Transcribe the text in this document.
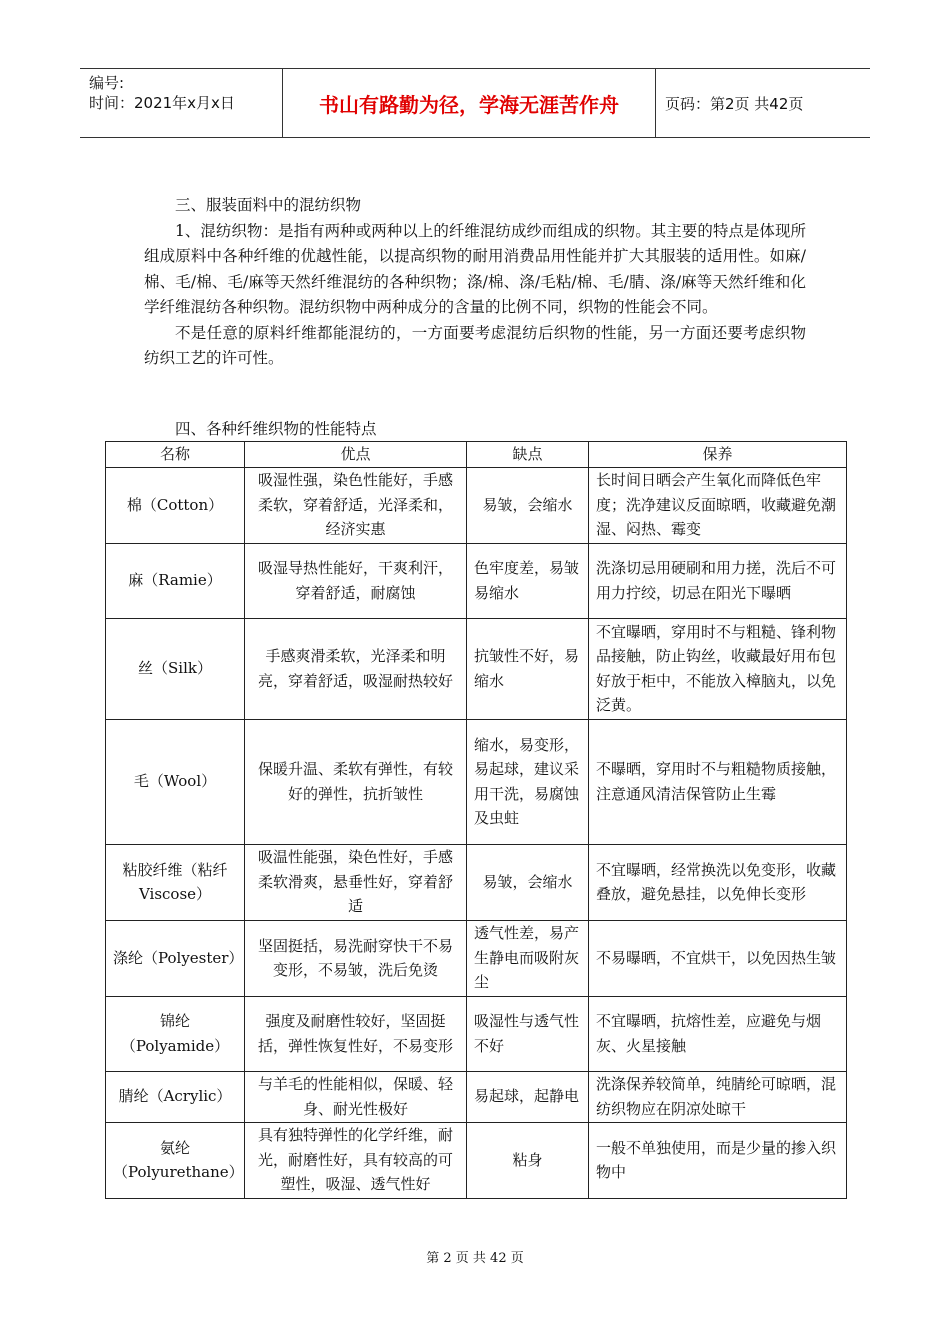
编号:
时间：2021年x月x日	书山有路勤为径，学海无涯苦作舟	页码：第2页 共42页

三、服装面料中的混纺织物

1、混纺织物：是指有两种或两种以上的纤维混纺成纱而组成的织物。其主要的特点是体现所组成原料中各种纤维的优越性能，以提高织物的耐用消费品用性能并扩大其服装的适用性。如麻/棉、毛/棉、毛/麻等天然纤维混纺的各种织物；涤/棉、涤/毛粘/棉、毛/腈、涤/麻等天然纤维和化学纤维混纺各种织物。混纺织物中两种成分的含量的比例不同，织物的性能会不同。

不是任意的原料纤维都能混纺的，一方面要考虑混纺后织物的性能，另一方面还要考虑织物纺织工艺的许可性。

四、各种纤维织物的性能特点

名称	优点	缺点	保养
棉（Cotton）	吸湿性强，染色性能好，手感柔软，穿着舒适，光泽柔和，经济实惠	易皱，会缩水	长时间日晒会产生氧化而降低色牢度；洗净建议反面晾晒，收藏避免潮湿、闷热、霉变
麻（Ramie）	吸湿导热性能好，干爽利汗，穿着舒适，耐腐蚀	色牢度差，易皱易缩水	洗涤切忌用硬刷和用力搓，洗后不可用力拧绞，切忌在阳光下曝晒
丝（Silk）	手感爽滑柔软，光泽柔和明亮，穿着舒适，吸湿耐热较好	抗皱性不好，易缩水	不宜曝晒，穿用时不与粗糙、锋利物品接触，防止钩丝，收藏最好用布包好放于柜中，不能放入樟脑丸，以免泛黄。
毛（Wool）	保暖升温、柔软有弹性，有较好的弹性，抗折皱性	缩水，易变形，易起球，建议采用干洗，易腐蚀及虫蛀	不曝晒，穿用时不与粗糙物质接触，注意通风清洁保管防止生霉
粘胶纤维（粘纤Viscose）	吸温性能强，染色性好，手感柔软滑爽，悬垂性好，穿着舒适	易皱，会缩水	不宜曝晒，经常换洗以免变形，收藏叠放，避免悬挂，以免伸长变形
涤纶（Polyester）	坚固挺括，易洗耐穿快干不易变形，不易皱，洗后免烫	透气性差，易产生静电而吸附灰尘	不易曝晒，不宜烘干，以免因热生皱
锦纶（Polyamide）	强度及耐磨性较好，坚固挺括，弹性恢复性好，不易变形	吸湿性与透气性不好	不宜曝晒，抗熔性差，应避免与烟灰、火星接触
腈纶（Acrylic）	与羊毛的性能相似，保暖、轻身、耐光性极好	易起球，起静电	洗涤保养较简单，纯腈纶可晾晒，混纺织物应在阴凉处晾干
氨纶（Polyurethane）	具有独特弹性的化学纤维，耐光，耐磨性好，具有较高的可塑性，吸湿、透气性好	粘身	一般不单独使用，而是少量的掺入织物中
第 2 页 共 42 页
